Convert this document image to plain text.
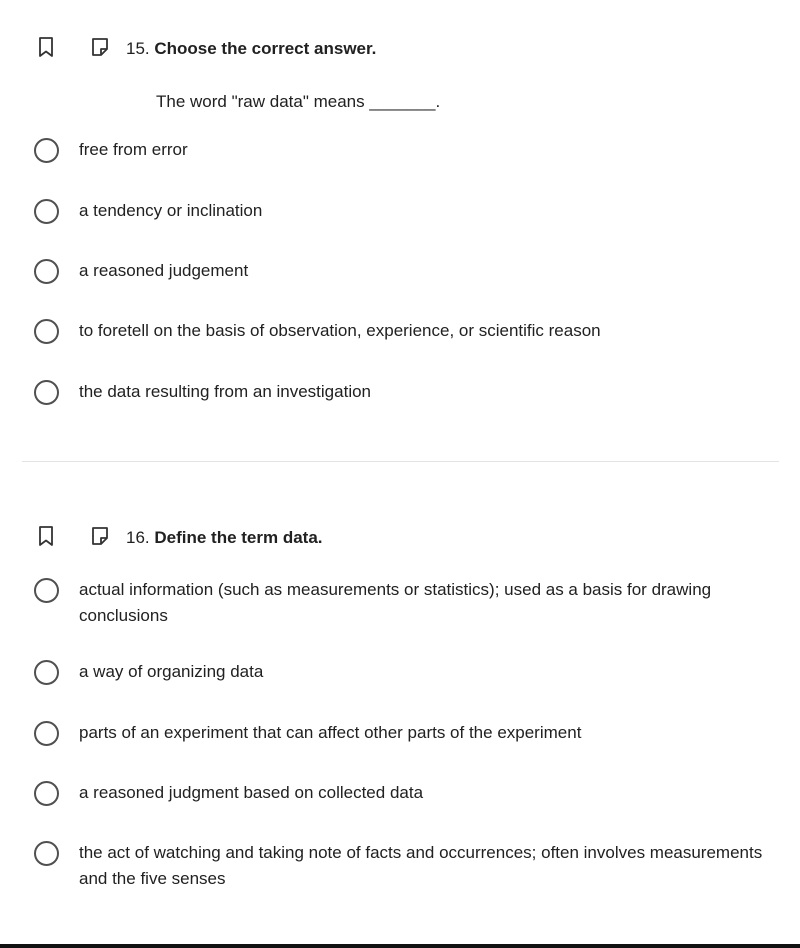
15. Choose the correct answer.
The word "raw data" means _______.
free from error
a tendency or inclination
a reasoned judgement
to foretell on the basis of observation, experience, or scientific reason
the data resulting from an investigation
16. Define the term data.
actual information (such as measurements or statistics); used as a basis for drawing conclusions
a way of organizing data
parts of an experiment that can affect other parts of the experiment
a reasoned judgment based on collected data
the act of watching and taking note of facts and occurrences; often involves measurements and the five senses
